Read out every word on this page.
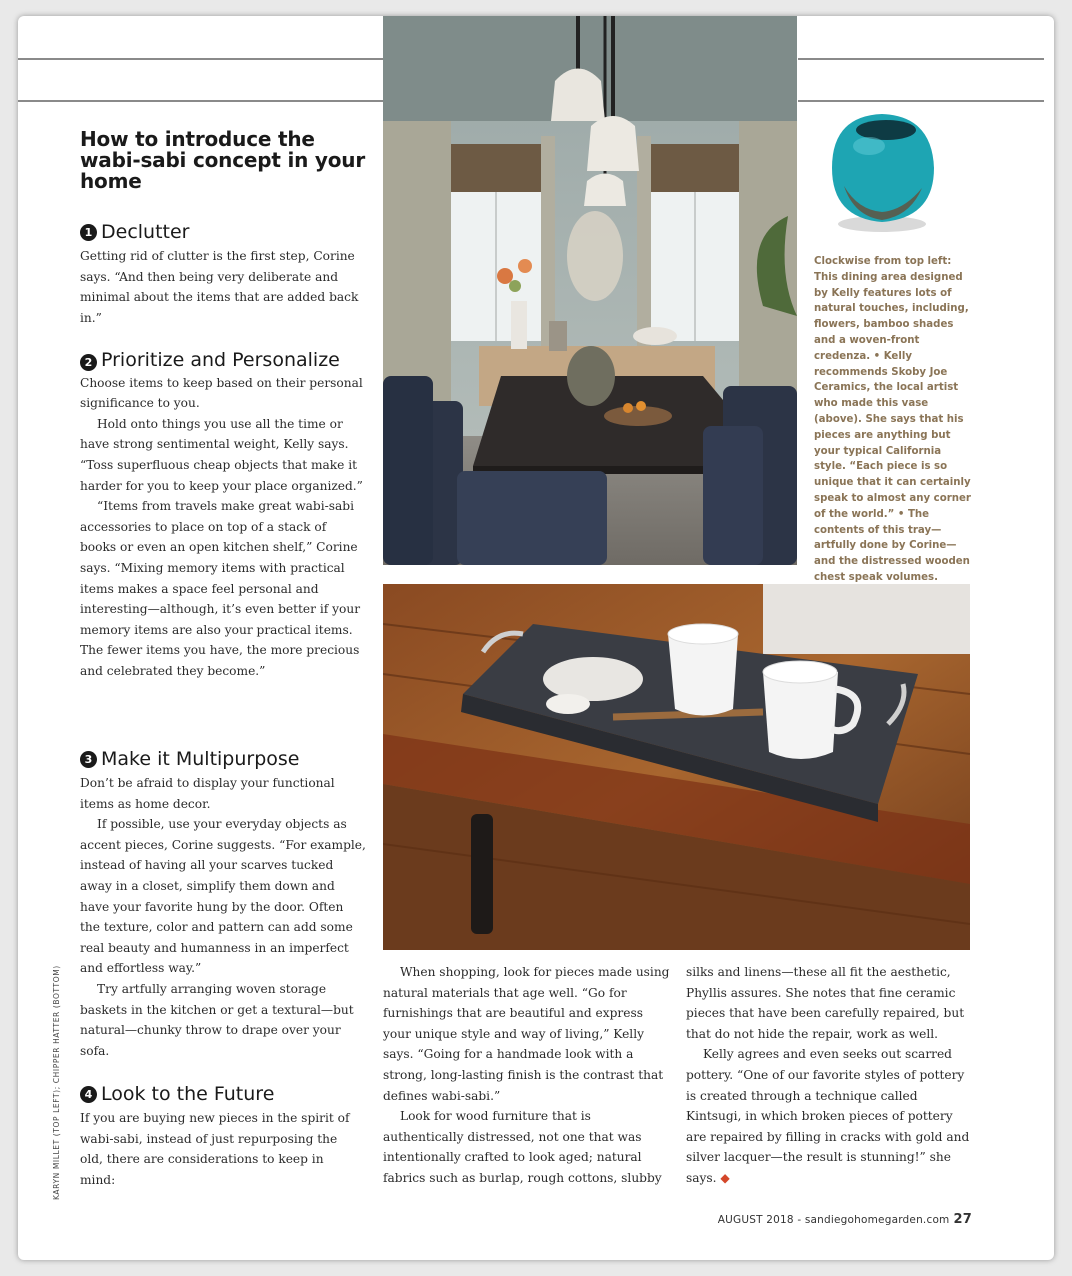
How to introduce the wabi-sabi concept in your home
1 Declutter

Getting rid of clutter is the first step, Corine says. “And then being very deliberate and minimal about the items that are added back in.”

2 Prioritize and Personalize Choose items to keep based on their personal significance to you.

Hold onto things you use all the time or have strong sentimental weight, Kelly says. “Toss superfluous cheap objects that make it harder for you to keep your place organized.”

“Items from travels make great wabi-sabi accessories to place on top of a stack of books or even an open kitchen shelf,” Corine says. “Mixing memory items with practical items makes a space feel personal and interesting—although, it’s even better if your memory items are also your practical items. The fewer items you have, the more precious and celebrated they become.”

3 Make it Multipurpose

Don’t be afraid to display your functional items as home decor.

If possible, use your everyday objects as accent pieces, Corine suggests. “For example, instead of having all your scarves tucked away in a closet, simplify them down and have your favorite hung by the door. Often the texture, color and pattern can add some real beauty and humanness in an imperfect and effortless way.”

Try artfully arranging woven storage baskets in the kitchen or get a textural—but natural—chunky throw to drape over your sofa.

4 Look to the Future

If you are buying new pieces in the spirit of wabi-sabi, instead of just repurposing the old, there are considerations to keep in mind:

When shopping, look for pieces made using natural materials that age well. “Go for furnishings that are beautiful and express your unique style and way of living,” Kelly says. “Going for a handmade look with a strong, long-lasting finish is the contrast that defines wabi-sabi.”

Look for wood furniture that is authentically distressed, not one that was intentionally crafted to look aged; natural fabrics such as burlap, rough cottons, slubby

silks and linens—these all fit the aesthetic, Phyllis assures. She notes that fine ceramic pieces that have been carefully repaired, but that do not hide the repair, work as well.

Kelly agrees and even seeks out scarred pottery. “One of our favorite styles of pottery is created through a technique called Kintsugi, in which broken pieces of pottery are repaired by filling in cracks with gold and silver lacquer—the result is stunning!” she says. ◆

Clockwise from top left: This dining area designed by Kelly features lots of natural touches, including, flowers, bamboo shades and a woven-front credenza. • Kelly recommends Skoby Joe Ceramics, the local artist who made this vase (above). She says that his pieces are anything but your typical California style. “Each piece is so unique that it can certainly speak to almost any corner of the world.” • The contents of this tray—artfully done by Corine—and the distressed wooden chest speak volumes.
KARYN MILLET (TOP LEFT); CHIPPER HATTER (BOTTOM)
AUGUST 2018 - sandiegohomegarden.com 27
